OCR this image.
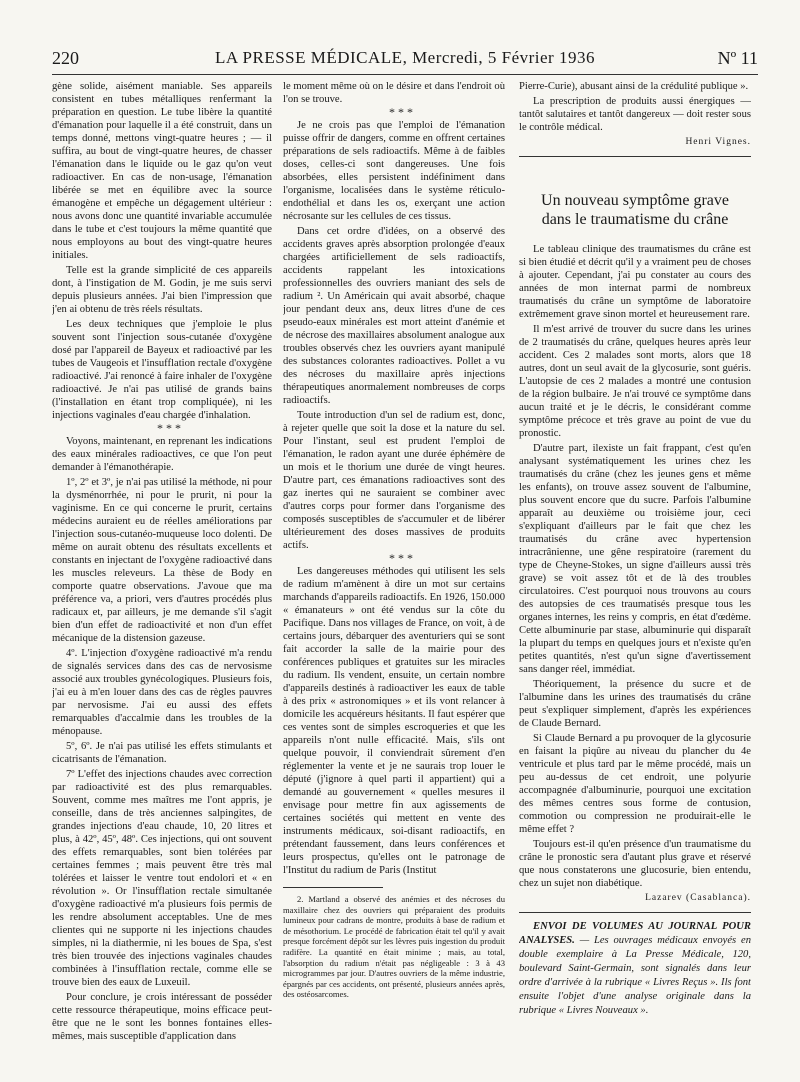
220	LA PRESSE MÉDICALE, Mercredi, 5 Février 1936	Nº 11

gène solide, aisément maniable. Ses appareils consistent en tubes métalliques renfermant la préparation en question. Le tube libère la quantité d'émanation pour laquelle il a été construit, dans un temps donné, mettons vingt-quatre heures ; — il suffira, au bout de vingt-quatre heures, de chasser l'émanation dans le liquide ou le gaz qu'on veut radioactiver. En cas de non-usage, l'émanation libérée se met en équilibre avec la source émanogène et empêche un dégagement ultérieur : nous avons donc une quantité invariable accumulée dans le tube et c'est toujours la même quantité que nous employons au bout des vingt-quatre heures initiales.

Telle est la grande simplicité de ces appareils dont, à l'instigation de M. Godin, je me suis servi depuis plusieurs années. J'ai bien l'impression que j'en ai obtenu de très réels résultats.

Les deux techniques que j'emploie le plus souvent sont l'injection sous-cutanée d'oxygène dosé par l'appareil de Bayeux et radioactivé par les tubes de Vaugeois et l'insufflation rectale d'oxygène radioactivé. J'ai renoncé à faire inhaler de l'oxygène radioactivé. Je n'ai pas utilisé de grands bains (l'installation en étant trop compliquée), ni les injections vaginales d'eau chargée d'inhalation.

* * *

Voyons, maintenant, en reprenant les indications des eaux minérales radioactives, ce que l'on peut demander à l'émanothérapie.

1º, 2º et 3º, je n'ai pas utilisé la méthode, ni pour la dysménorrhée, ni pour le prurit, ni pour la vaginisme. En ce qui concerne le prurit, certains médecins auraient eu de réelles améliorations par l'injection sous-cutanéo-muqueuse loco dolenti. De même on aurait obtenu des résultats excellents et constants en injectant de l'oxygène radioactivé dans les muscles releveurs. La thèse de Body en comporte quatre observations. J'avoue que ma préférence va, a priori, vers d'autres procédés plus radicaux et, par ailleurs, je me demande s'il s'agit bien d'un effet de radioactivité et non d'un effet mécanique de la distension gazeuse.

4º. L'injection d'oxygène radioactivé m'a rendu de signalés services dans des cas de nervosisme associé aux troubles gynécologiques. Plusieurs fois, j'ai eu à m'en louer dans des cas de règles pauvres par nervosisme. J'ai eu aussi des effets remarquables d'accalmie dans les troubles de la ménopause.

5º, 6º. Je n'ai pas utilisé les effets stimulants et cicatrisants de l'émanation.

7º L'effet des injections chaudes avec correction par radioactivité est des plus remarquables. Souvent, comme mes maîtres me l'ont appris, je conseille, dans de très anciennes salpingites, de grandes injections d'eau chaude, 10, 20 litres et plus, à 42º, 45º, 48º. Ces injections, qui ont souvent des effets remarquables, sont bien tolérées par certaines femmes ; mais peuvent être très mal tolérées et laisser le ventre tout endolori et « en révolution ». Or l'insufflation rectale simultanée d'oxygène radioactivé m'a plusieurs fois permis de les rendre absolument acceptables. Une de mes clientes qui ne supporte ni les injections chaudes simples, ni la diathermie, ni les boues de Spa, s'est très bien trouvée des injections vaginales chaudes combinées à l'insufflation rectale, comme elle se trouve bien des eaux de Luxeuil.

Pour conclure, je crois intéressant de posséder cette ressource thérapeutique, moins efficace peut-être que ne le sont les bonnes fontaines elles-mêmes, mais susceptible d'application dans

le moment même où on le désire et dans l'endroit où l'on se trouve.

* * *

Je ne crois pas que l'emploi de l'émanation puisse offrir de dangers, comme en offrent certaines préparations de sels radioactifs. Même à de faibles doses, celles-ci sont dangereuses. Une fois absorbées, elles persistent indéfiniment dans l'organisme, localisées dans le système réticulo-endothélial et dans les os, exerçant une action nécrosante sur les cellules de ces tissus.

Dans cet ordre d'idées, on a observé des accidents graves après absorption prolongée d'eaux chargées artificiellement de sels radioactifs, accidents rappelant les intoxications professionnelles des ouvriers maniant des sels de radium ². Un Américain qui avait absorbé, chaque jour pendant deux ans, deux litres d'une de ces pseudo-eaux minérales est mort atteint d'anémie et de nécrose des maxillaires absolument analogue aux troubles observés chez les ouvriers ayant manipulé des substances colorantes radioactives. Pollet a vu des nécroses du maxillaire après injections thérapeutiques anormalement nombreuses de corps radioactifs.

Toute introduction d'un sel de radium est, donc, à rejeter quelle que soit la dose et la nature du sel. Pour l'instant, seul est prudent l'emploi de l'émanation, le radon ayant une durée éphémère de un mois et le thorium une durée de vingt heures. D'autre part, ces émanations radioactives sont des gaz inertes qui ne sauraient se combiner avec d'autres corps pour former dans l'organisme des composés susceptibles de s'accumuler et de libérer ultérieurement des doses massives de produits actifs.

* * *

Les dangereuses méthodes qui utilisent les sels de radium m'amènent à dire un mot sur certains marchands d'appareils radioactifs. En 1926, 150.000 « émanateurs » ont été vendus sur la côte du Pacifique. Dans nos villages de France, on voit, à de certains jours, débarquer des aventuriers qui se sont fait accorder la salle de la mairie pour des conférences publiques et gratuites sur les miracles du radium. Ils vendent, ensuite, un certain nombre d'appareils destinés à radioactiver les eaux de table à des prix « astronomiques » et ils vont relancer à domicile les acquéreurs hésitants. Il faut espérer que ces ventes sont de simples escroqueries et que les appareils n'ont nulle efficacité. Mais, s'ils ont quelque pouvoir, il conviendrait sûrement d'en réglementer la vente et je ne saurais trop louer le député (j'ignore à quel parti il appartient) qui a demandé au gouvernement « quelles mesures il envisage pour mettre fin aux agissements de certaines sociétés qui mettent en vente des instruments médicaux, soi-disant radioactifs, en prétendant faussement, dans leurs conférences et leurs prospectus, qu'elles ont le patronage de l'Institut du radium de Paris (Institut

2. Martland a observé des anémies et des nécroses du maxillaire chez des ouvriers qui préparaient des produits lumineux pour cadrans de montre, produits à base de radium et de mésothorium. Le procédé de fabrication était tel qu'il y avait presque forcément dépôt sur les lèvres puis ingestion du produit radifère. La quantité en était minime ; mais, au total, l'absorption du radium n'était pas négligeable : 3 à 43 microgrammes par jour. D'autres ouvriers de la même industrie, épargnés par ces accidents, ont présenté, plusieurs années après, des ostéosarcomes.

Pierre-Curie), abusant ainsi de la crédulité publique ».

La prescription de produits aussi énergiques — tantôt salutaires et tantôt dangereux — doit rester sous le contrôle médical.

Henri Vignes.

Un nouveau symptôme grave
dans le traumatisme du crâne

Le tableau clinique des traumatismes du crâne est si bien étudié et décrit qu'il y a vraiment peu de choses à ajouter. Cependant, j'ai pu constater au cours des années de mon internat parmi de nombreux traumatisés du crâne un symptôme de laboratoire extrêmement grave sinon mortel et heureusement rare.

Il m'est arrivé de trouver du sucre dans les urines de 2 traumatisés du crâne, quelques heures après leur accident. Ces 2 malades sont morts, alors que 18 autres, dont un seul avait de la glycosurie, sont guéris. L'autopsie de ces 2 malades a montré une contusion de la région bulbaire. Je n'ai trouvé ce symptôme dans aucun traité et je le décris, le considérant comme symptôme précoce et très grave au point de vue du pronostic.

D'autre part, ilexiste un fait frappant, c'est qu'en analysant systématiquement les urines chez les traumatisés du crâne (chez les jeunes gens et même les enfants), on trouve assez souvent de l'albumine, plus souvent encore que du sucre. Parfois l'albumine apparaît au deuxième ou troisième jour, ceci s'expliquant d'ailleurs par le fait que chez les traumatisés du crâne avec hypertension intracrânienne, une gêne respiratoire (rarement du type de Cheyne-Stokes, un signe d'ailleurs aussi très grave) se voit assez tôt et de là des troubles circulatoires. C'est pourquoi nous trouvons au cours des autopsies de ces traumatisés presque tous les organes internes, les reins y compris, en état d'œdème. Cette albuminurie par stase, albuminurie qui disparaît la plupart du temps en quelques jours et n'existe qu'en petites quantités, n'est qu'un signe d'avertissement sans danger réel, immédiat.

Théoriquement, la présence du sucre et de l'albumine dans les urines des traumatisés du crâne peut s'expliquer simplement, d'après les expériences de Claude Bernard.

Si Claude Bernard a pu provoquer de la glycosurie en faisant la piqûre au niveau du plancher du 4e ventricule et plus tard par le même procédé, mais un peu au-dessus de cet endroit, une polyurie accompagnée d'albuminurie, pourquoi une excitation des mêmes centres sous forme de contusion, commotion ou compression ne produirait-elle le même effet ?

Toujours est-il qu'en présence d'un traumatisme du crâne le pronostic sera d'autant plus grave et réservé que nous constaterons une glucosurie, bien entendu, chez un sujet non diabétique.

Lazarev (Casablanca).

ENVOI DE VOLUMES AU JOURNAL POUR ANALYSES. — Les ouvrages médicaux envoyés en double exemplaire à La Presse Médicale, 120, boulevard Saint-Germain, sont signalés dans leur ordre d'arrivée à la rubrique « Livres Reçus ». Ils font ensuite l'objet d'une analyse originale dans la rubrique « Livres Nouveaux ».
